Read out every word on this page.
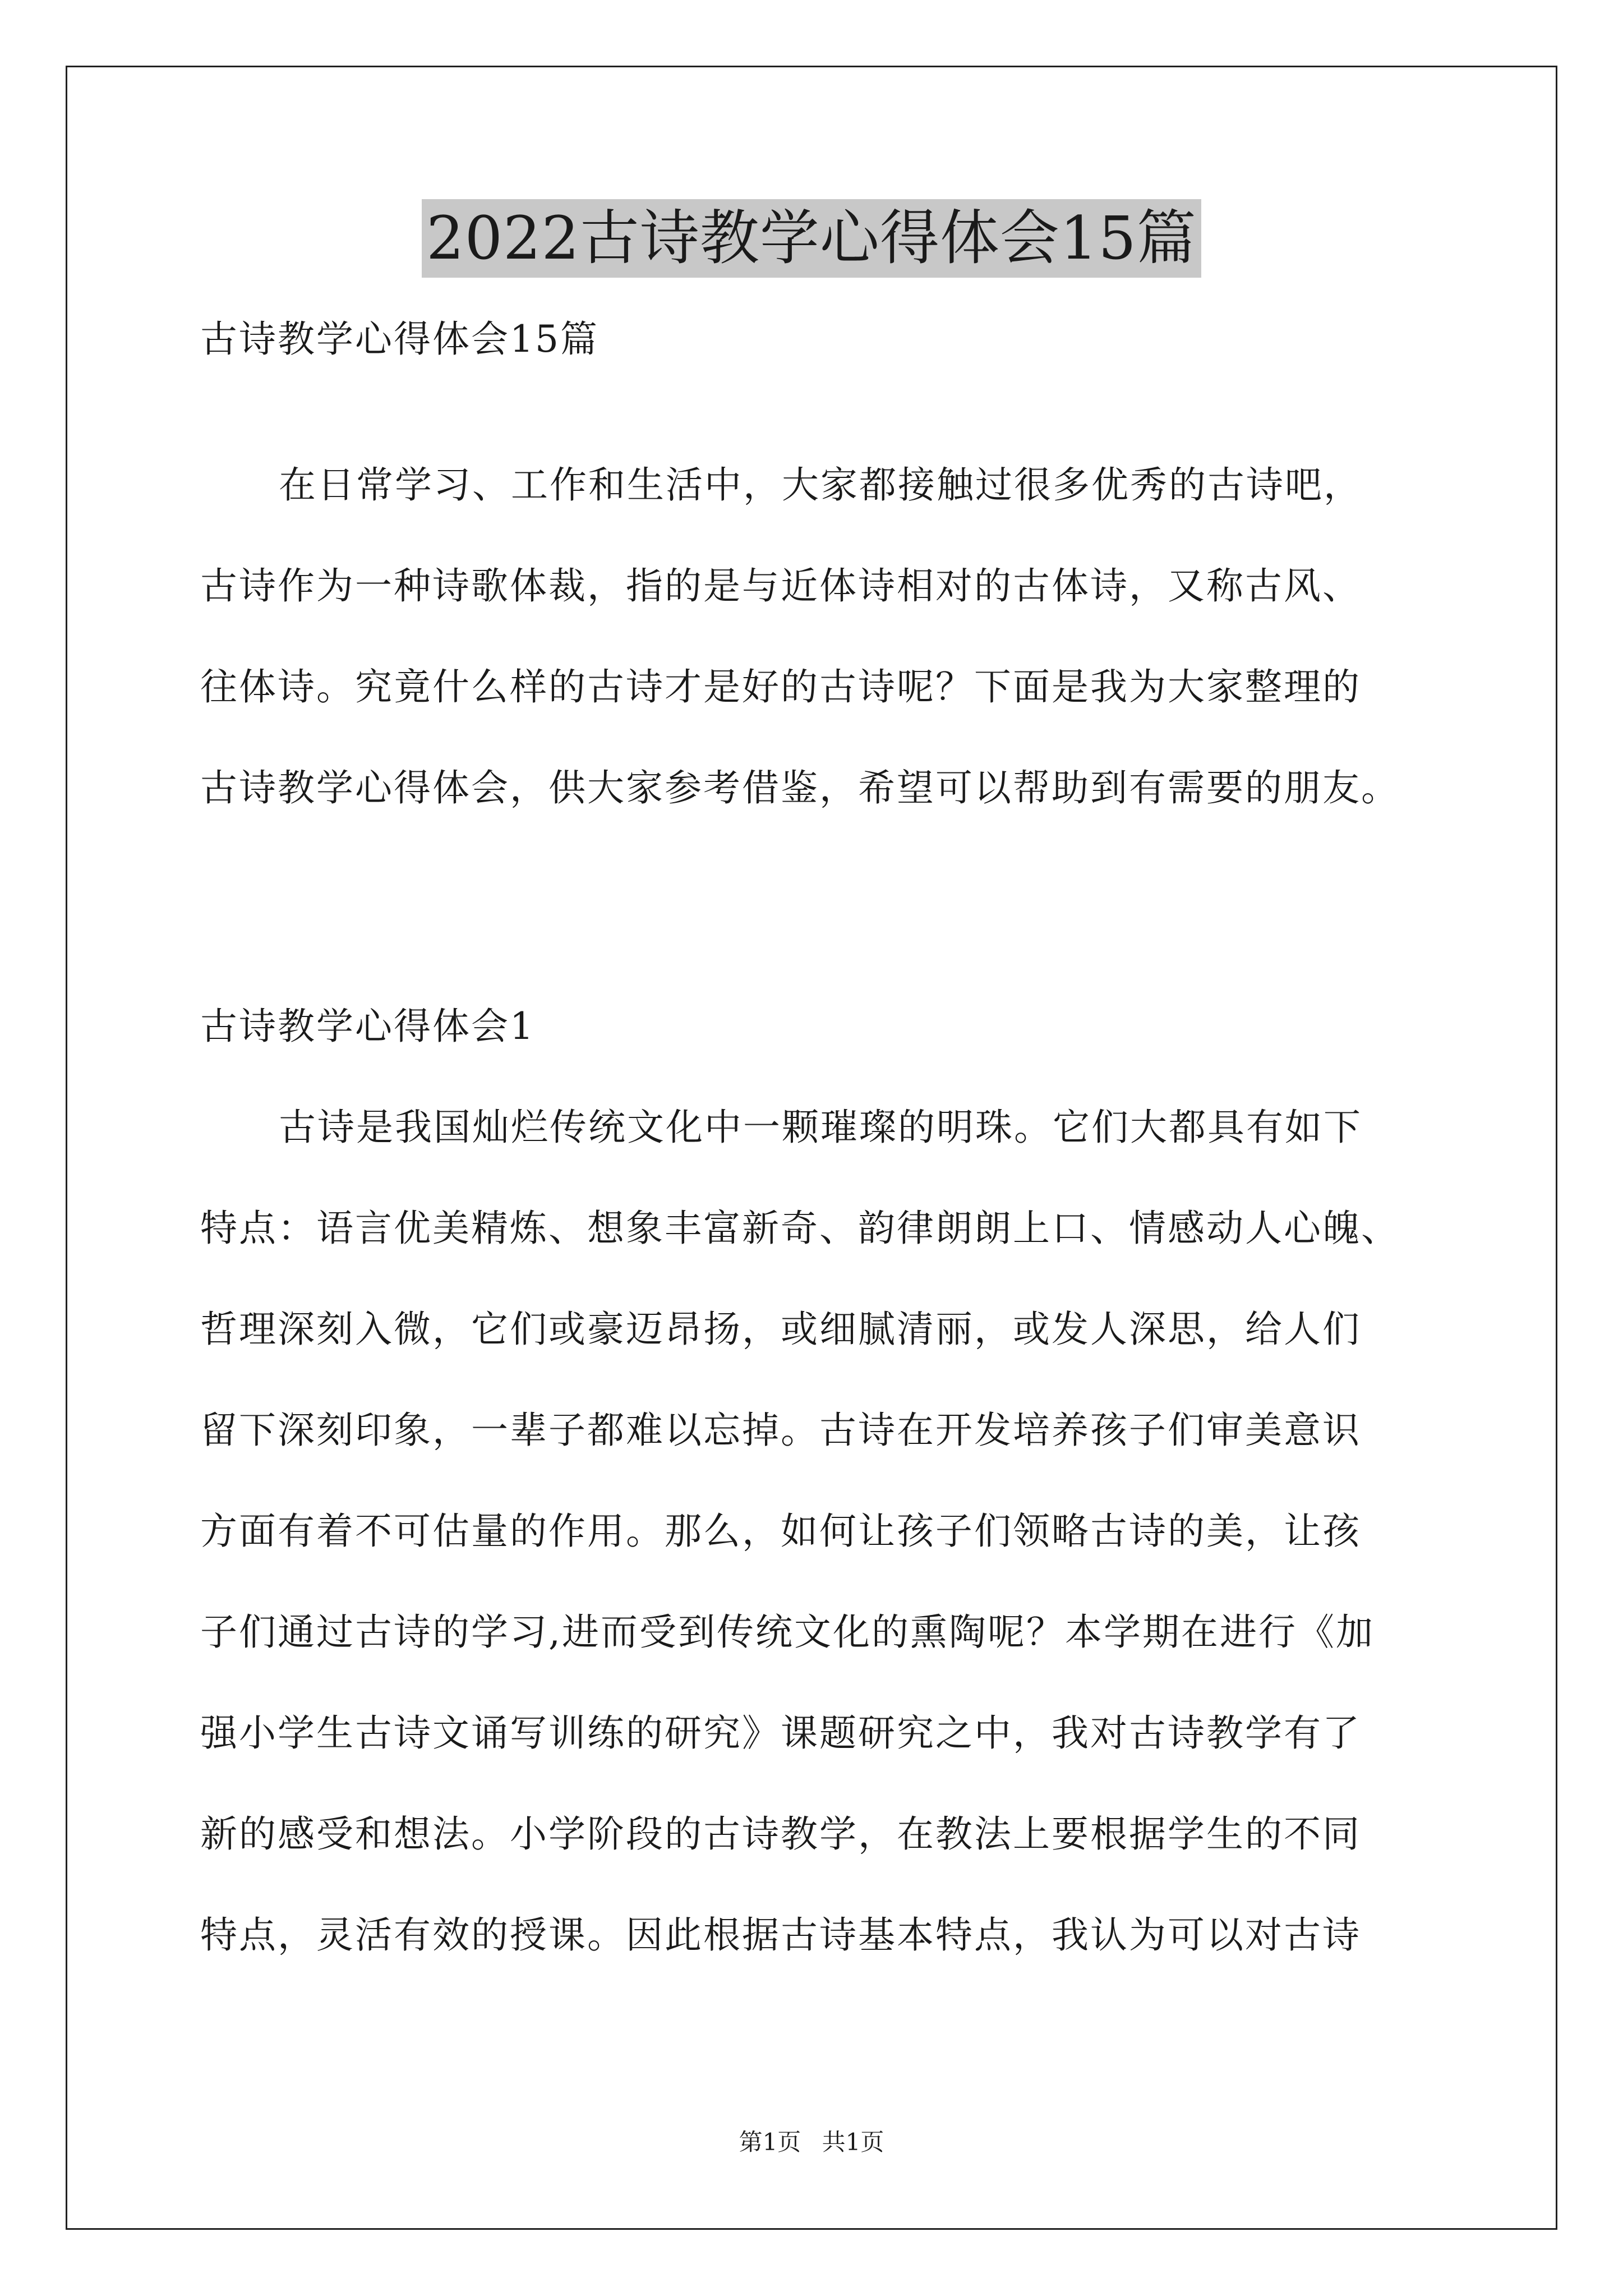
2022古诗教学心得体会15篇
古诗教学心得体会15篇
在日常学习、工作和生活中，大家都接触过很多优秀的古诗吧，
古诗作为一种诗歌体裁，指的是与近体诗相对的古体诗，又称古风、
往体诗。究竟什么样的古诗才是好的古诗呢？下面是我为大家整理的
古诗教学心得体会，供大家参考借鉴，希望可以帮助到有需要的朋友。
古诗教学心得体会1
古诗是我国灿烂传统文化中一颗璀璨的明珠。它们大都具有如下
特点：语言优美精炼、想象丰富新奇、韵律朗朗上口、情感动人心魄、
哲理深刻入微，它们或豪迈昂扬，或细腻清丽，或发人深思，给人们
留下深刻印象，一辈子都难以忘掉。古诗在开发培养孩子们审美意识
方面有着不可估量的作用。那么，如何让孩子们领略古诗的美，让孩
子们通过古诗的学习,进而受到传统文化的熏陶呢？本学期在进行《加
强小学生古诗文诵写训练的研究》课题研究之中，我对古诗教学有了
新的感受和想法。小学阶段的古诗教学，在教法上要根据学生的不同
特点，灵活有效的授课。因此根据古诗基本特点，我认为可以对古诗
第1页 共1页
